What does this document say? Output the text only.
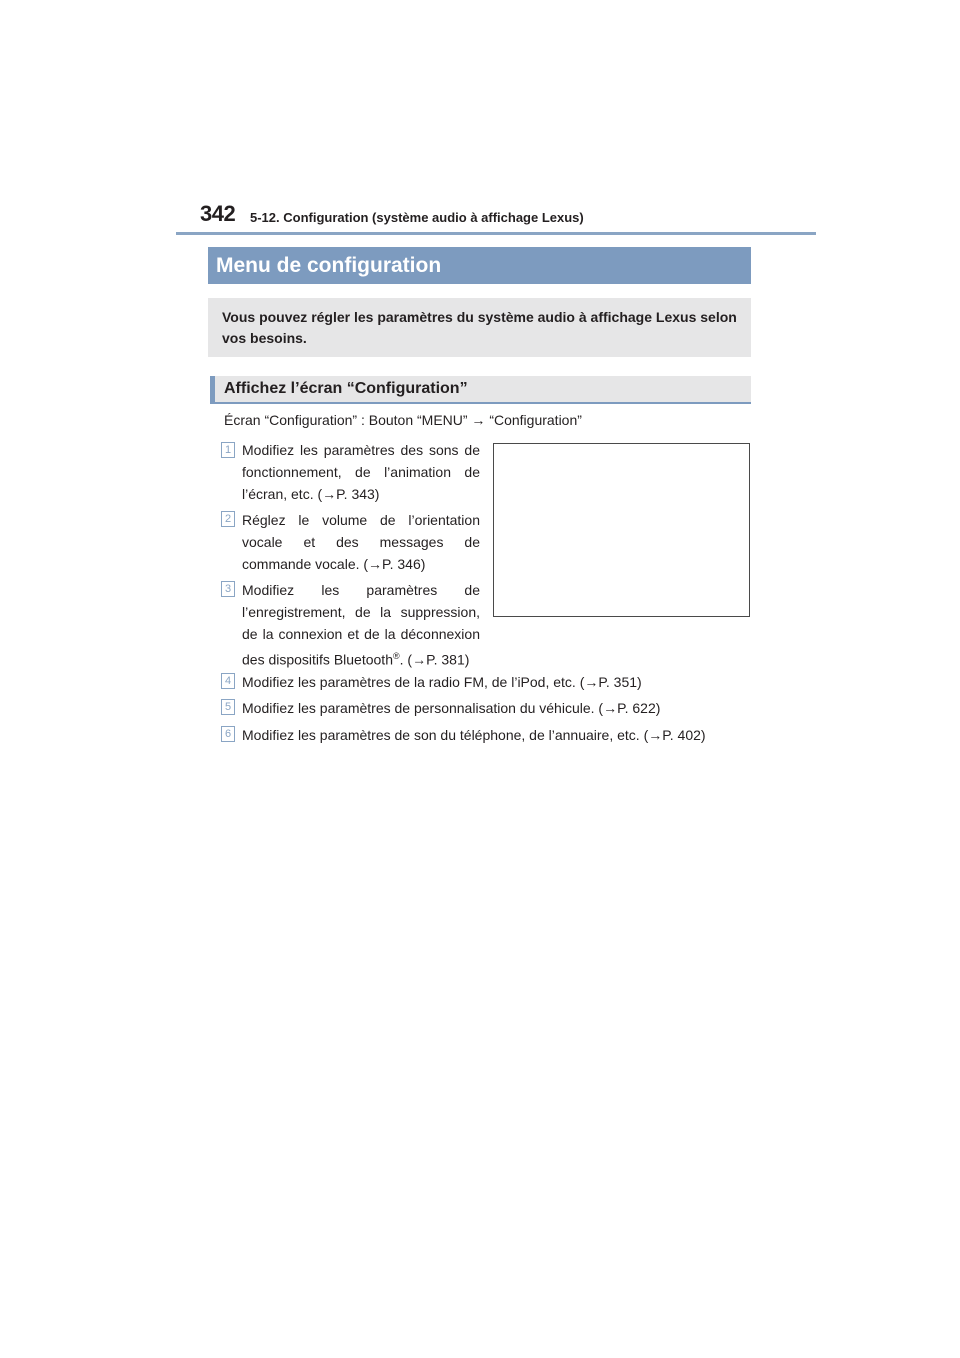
342 5-12. Configuration (système audio à affichage Lexus)
Menu de configuration
Vous pouvez régler les paramètres du système audio à affichage Lexus selon vos besoins.
Affichez l’écran “Configuration”
Écran “Configuration” : Bouton “MENU” → “Configuration”
1 Modifiez les paramètres des sons de fonctionnement, de l’animation de l’écran, etc. (→P. 343)
2 Réglez le volume de l’orientation vocale et des messages de commande vocale. (→P. 346)
3 Modifiez les paramètres de l’enregistrement, de la suppression, de la connexion et de la déconnexion des dispositifs Bluetooth®. (→P. 381)
4 Modifiez les paramètres de la radio FM, de l’iPod, etc. (→P. 351)
5 Modifiez les paramètres de personnalisation du véhicule. (→P. 622)
6 Modifiez les paramètres de son du téléphone, de l’annuaire, etc. (→P. 402)
